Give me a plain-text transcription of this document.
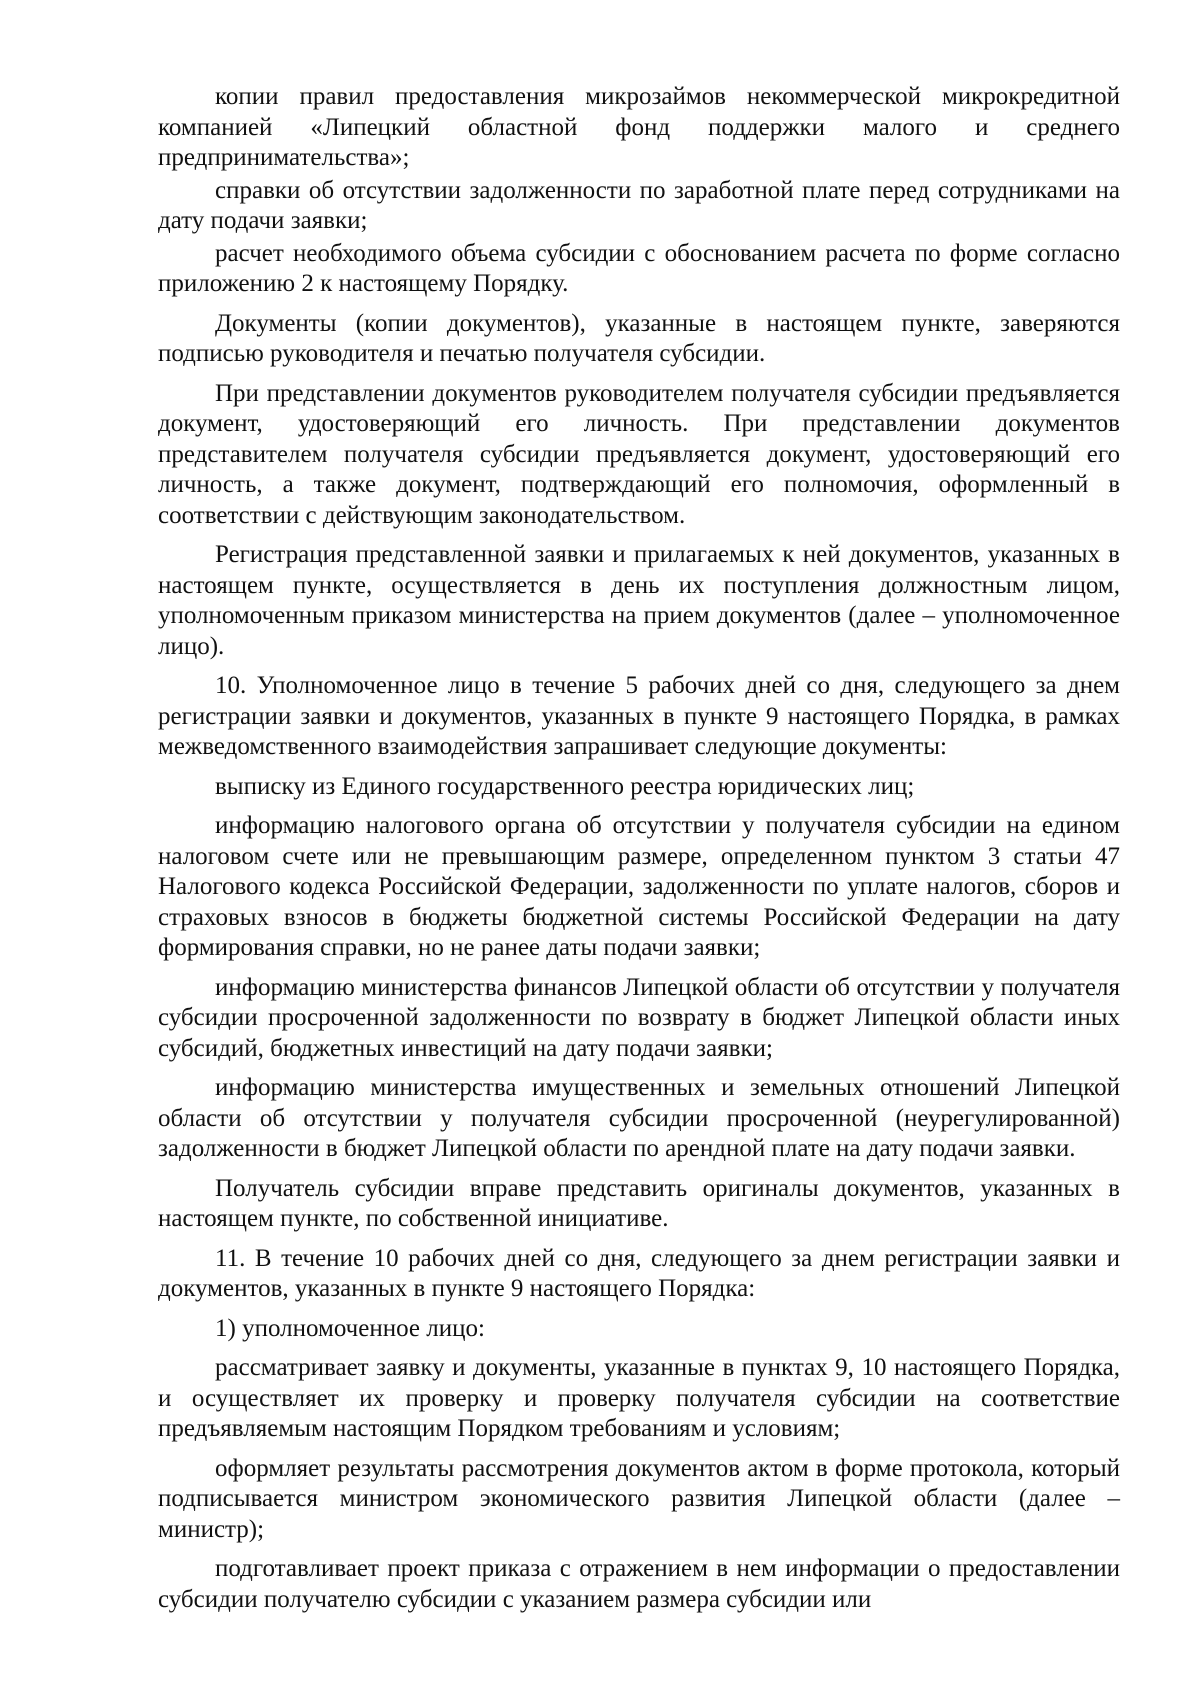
копии правил предоставления микрозаймов некоммерческой микрокредитной компанией «Липецкий областной фонд поддержки малого и среднего предпринимательства»;

справки об отсутствии задолженности по заработной плате перед сотрудниками на дату подачи заявки;

расчет необходимого объема субсидии с обоснованием расчета по форме согласно приложению 2 к настоящему Порядку.

Документы (копии документов), указанные в настоящем пункте, заверяются подписью руководителя и печатью получателя субсидии.

При представлении документов руководителем получателя субсидии предъявляется документ, удостоверяющий его личность. При представлении документов представителем получателя субсидии предъявляется документ, удостоверяющий его личность, а также документ, подтверждающий его полномочия, оформленный в соответствии с действующим законодательством.

Регистрация представленной заявки и прилагаемых к ней документов, указанных в настоящем пункте, осуществляется в день их поступления должностным лицом, уполномоченным приказом министерства на прием документов (далее – уполномоченное лицо).

10. Уполномоченное лицо в течение 5 рабочих дней со дня, следующего за днем регистрации заявки и документов, указанных в пункте 9 настоящего Порядка, в рамках межведомственного взаимодействия запрашивает следующие документы:

выписку из Единого государственного реестра юридических лиц;

информацию налогового органа об отсутствии у получателя субсидии на едином налоговом счете или не превышающим размере, определенном пунктом 3 статьи 47 Налогового кодекса Российской Федерации, задолженности по уплате налогов, сборов и страховых взносов в бюджеты бюджетной системы Российской Федерации на дату формирования справки, но не ранее даты подачи заявки;

информацию министерства финансов Липецкой области об отсутствии у получателя субсидии просроченной задолженности по возврату в бюджет Липецкой области иных субсидий, бюджетных инвестиций на дату подачи заявки;

информацию министерства имущественных и земельных отношений Липецкой области об отсутствии у получателя субсидии просроченной (неурегулированной) задолженности в бюджет Липецкой области по арендной плате на дату подачи заявки.

Получатель субсидии вправе представить оригиналы документов, указанных в настоящем пункте, по собственной инициативе.

11. В течение 10 рабочих дней со дня, следующего за днем регистрации заявки и документов, указанных в пункте 9 настоящего Порядка:

1) уполномоченное лицо:

рассматривает заявку и документы, указанные в пунктах 9, 10 настоящего Порядка, и осуществляет их проверку и проверку получателя субсидии на соответствие предъявляемым настоящим Порядком требованиям и условиям;

оформляет результаты рассмотрения документов актом в форме протокола, который подписывается министром экономического развития Липецкой области (далее – министр);

подготавливает проект приказа с отражением в нем информации о предоставлении субсидии получателю субсидии с указанием размера субсидии или
